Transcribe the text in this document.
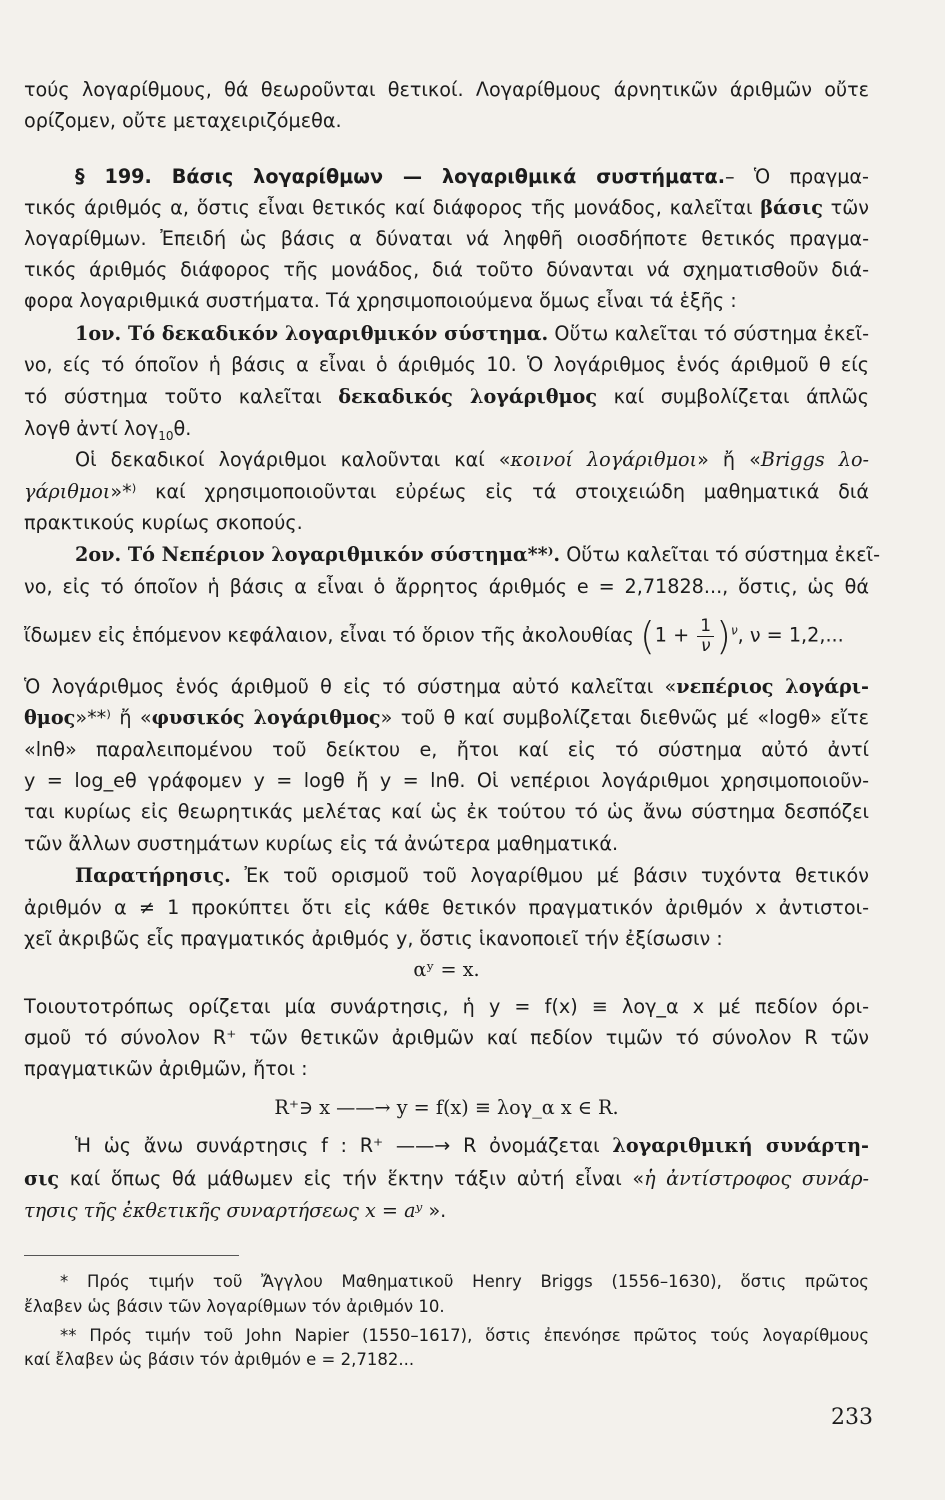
τούς λογαρίθμους, θά θεωροῦνται θετικοί. Λογαρίθμους άρνητικῶν άριθμῶν οὔτε
ορίζομεν, οὔτε μεταχειριζόμεθα.
§ 199. Βάσις λογαρίθμων — λογαριθμικά συστήματα.– Ὁ πραγμα-
τικός άριθμός α, ὅστις εἶναι θετικός καί διάφορος τῆς μονάδος, καλεῖται βάσις τῶν
λογαρίθμων. Ἐπειδή ὡς βάσις α δύναται νά ληφθῆ οιοσδήποτε θετικός πραγμα-
τικός άριθμός διάφορος τῆς μονάδος, διά τοῦτο δύνανται νά σχηματισθοῦν διά-
φορα λογαριθμικά συστήματα. Τά χρησιμοποιούμενα ὅμως εἶναι τά ἑξῆς :
1ον. Τό δεκαδικόν λογαριθμικόν σύστημα. Οὕτω καλεῖται τό σύστημα ἐκεῖ-
νο, είς τό όποῖον ἡ βάσις α εἶναι ὁ άριθμός 10. Ὁ λογάριθμος ἑνός άριθμοῦ θ είς
τό σύστημα τοῦτο καλεῖται δεκαδικός λογάριθμος καί συμβολίζεται άπλῶς
λογθ ἀντί λογ$_{10}$θ.
Οἱ δεκαδικοί λογάριθμοι καλοῦνται καί «κοινοί λογάριθμοι» ἤ «Briggs λο-
γάριθμοι»*⁾ καί χρησιμοποιοῦνται εὐρέως εἰς τά στοιχειώδη μαθηματικά διά
πρακτικούς κυρίως σκοπούς.
2ον. Τό Νεπέριον λογαριθμικόν σύστημα**⁾. Οὕτω καλεῖται τό σύστημα ἐκεῖ-
νο, εἰς τό όποῖον ἡ βάσις α εἶναι ὁ ἄρρητος άριθμός e = 2,71828..., ὅστις, ὡς θά
ἴδωμεν εἰς ἑπόμενον κεφάλαιον, εἶναι τό ὅριον τῆς ἀκολουθίας $(1 + \frac{1}{\nu} )^\nu$, ν = 1,2,...
Ὁ λογάριθμος ἑνός άριθμοῦ θ εἰς τό σύστημα αὐτό καλεῖται «νεπέριος λογάρι-
θμος»**⁾ ἤ «φυσικός λογάριθμος» τοῦ θ καί συμβολίζεται διεθνῶς μέ «logθ» εἴτε
«lnθ» παραλειπομένου τοῦ δείκτου e, ἤτοι καί εἰς τό σύστημα αὐτό ἀντί
y = log_eθ γράφομεν y = logθ ἤ y = lnθ. Οἱ νεπέριοι λογάριθμοι χρησιμοποιοῦν-
ται κυρίως εἰς θεωρητικάς μελέτας καί ὡς ἐκ τούτου τό ὡς ἄνω σύστημα δεσπόζει
τῶν ἄλλων συστημάτων κυρίως εἰς τά ἀνώτερα μαθηματικά.
Παρατήρησις. Ἐκ τοῦ ορισμοῦ τοῦ λογαρίθμου μέ βάσιν τυχόντα θετικόν
ἀριθμόν α ≠ 1 προκύπτει ὅτι εἰς κάθε θετικόν πραγματικόν ἀριθμόν x ἀντιστοι-
χεῖ ἀκριβῶς εἷς πραγματικός ἀριθμός y, ὅστις ἱκανοποιεῖ τήν ἐξίσωσιν :
αʸ = x.
Τοιουτοτρόπως ορίζεται μία συνάρτησις, ἡ y = f(x) ≡ λογ_α x μέ πεδίον όρι-
σμοῦ τό σύνολον R⁺ τῶν θετικῶν ἀριθμῶν καί πεδίον τιμῶν τό σύνολον R τῶν
πραγματικῶν ἀριθμῶν, ἤτοι :
R⁺∋ x ——→ y = f(x) ≡ λογ_α x ∈ R.
Ἡ ὡς ἄνω συνάρτησις f : R⁺ ——→ R ὀνομάζεται λογαριθμική συνάρτη-
σις καί ὅπως θά μάθωμεν εἰς τήν ἕκτην τάξιν αὐτή εἶναι «ἡ ἀντίστροφος συνάρ-
τησις τῆς ἐκθετικῆς συναρτήσεως x = aʸ ».
* Πρός τιμήν τοῦ Ἄγγλου Μαθηματικοῦ Henry Briggs (1556–1630), ὅστις πρῶτος
ἔλαβεν ὡς βάσιν τῶν λογαρίθμων τόν ἀριθμόν 10.
** Πρός τιμήν τοῦ John Napier (1550–1617), ὅστις ἐπενόησε πρῶτος τούς λογαρίθμους
καί ἔλαβεν ὡς βάσιν τόν ἀριθμόν e = 2,7182...
233
